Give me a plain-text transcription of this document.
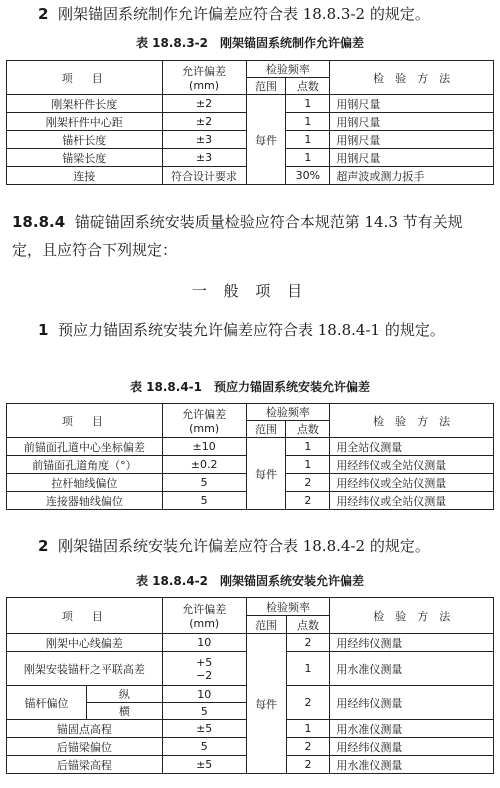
2 刚架锚固系统制作允许偏差应符合表 18.8.3-2 的规定。
表 18.8.3-2　刚架锚固系统制作允许偏差
项　目	允许偏差
(mm)	检验频率		检　验　方　法
		范围	点数	
刚架杆件长度	±2	每件	1	用钢尺量
刚架杆件中心距	±2		1	用钢尺量
锚杆长度	±3		1	用钢尺量
锚梁长度	±3		1	用钢尺量
连接	符合设计要求		30%	超声波或测力扳手
18.8.4 锚碇锚固系统安装质量检验应符合本规范第 14.3 节有关规定，且应符合下列规定：
一 般 项 目
1 预应力锚固系统安装允许偏差应符合表 18.8.4-1 的规定。
表 18.8.4-1　预应力锚固系统安装允许偏差
项　目	允许偏差
(mm)	检验频率		检　验　方　法
		范围	点数	
前锚面孔道中心坐标偏差	±10	每件	1	用全站仪测量
前锚面孔道角度（°）	±0.2		1	用经纬仪或全站仪测量
拉杆轴线偏位	5		2	用经纬仪或全站仪测量
连接器轴线偏位	5		2	用经纬仪或全站仪测量
2 刚架锚固系统安装允许偏差应符合表 18.8.4-2 的规定。
表 18.8.4-2　刚架锚固系统安装允许偏差
项　目		允许偏差
(mm)	检验频率		检　验　方　法
			范围	点数	
刚架中心线偏差		10	每件	2	用经纬仪测量
刚架安装锚杆之平联高差		+5
−2		1	用水准仪测量
锚杆偏位	纵	10		2	用经纬仪测量
	横	5			
锚固点高程		±5		1	用水准仪测量
后锚梁偏位		5		2	用经纬仪测量
后锚梁高程		±5		2	用水准仪测量
